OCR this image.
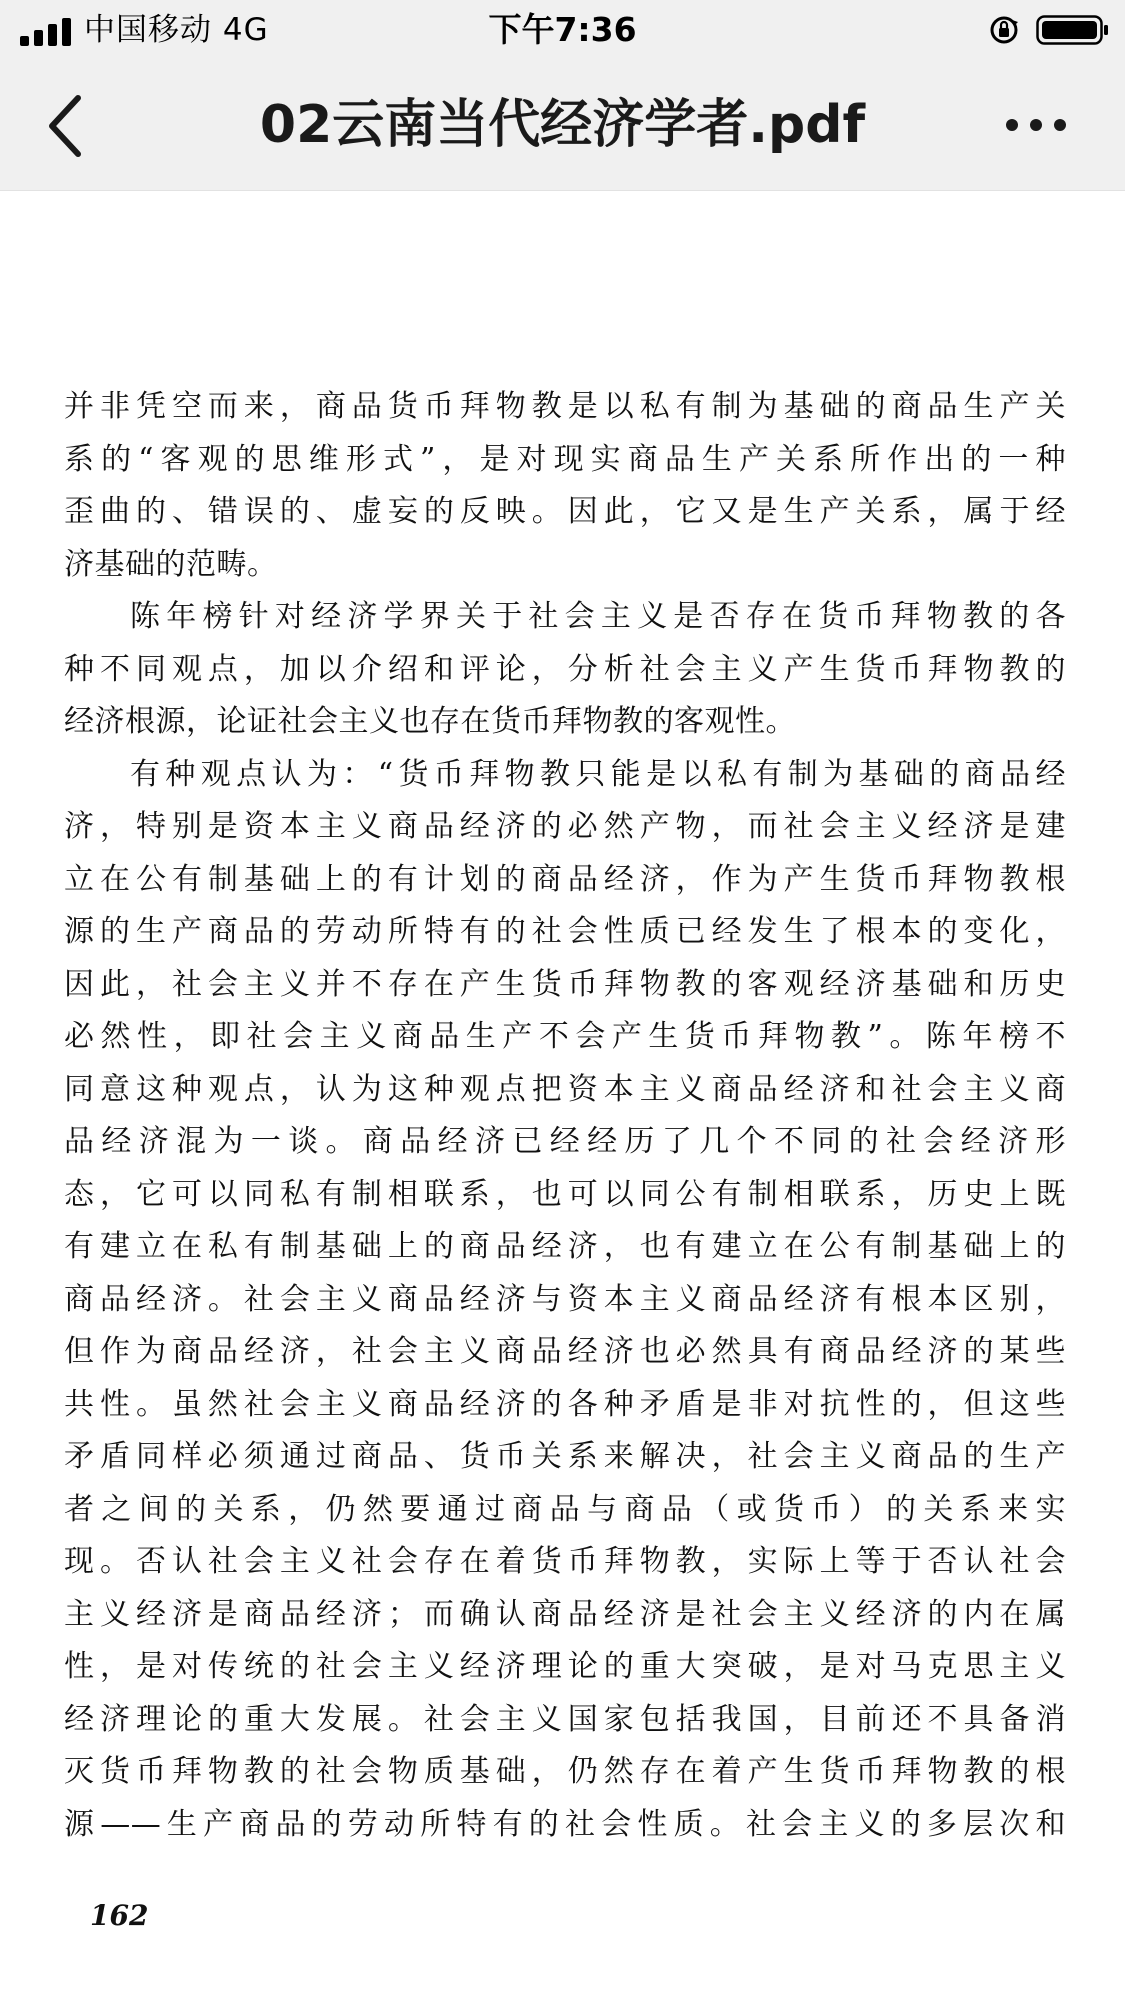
中国移动 4G	下午7:36
02云南当代经济学者.pdf
并非凭空而来，商品货币拜物教是以私有制为基础的商品生产关
系的“客观的思维形式”，是对现实商品生产关系所作出的一种
歪曲的、错误的、虚妄的反映。因此，它又是生产关系，属于经
济基础的范畴。
陈年榜针对经济学界关于社会主义是否存在货币拜物教的各
种不同观点，加以介绍和评论，分析社会主义产生货币拜物教的
经济根源，论证社会主义也存在货币拜物教的客观性。
有种观点认为：“货币拜物教只能是以私有制为基础的商品经
济，特别是资本主义商品经济的必然产物，而社会主义经济是建
立在公有制基础上的有计划的商品经济，作为产生货币拜物教根
源的生产商品的劳动所特有的社会性质已经发生了根本的变化，
因此，社会主义并不存在产生货币拜物教的客观经济基础和历史
必然性，即社会主义商品生产不会产生货币拜物教”。陈年榜不
同意这种观点，认为这种观点把资本主义商品经济和社会主义商
品经济混为一谈。商品经济已经经历了几个不同的社会经济形
态，它可以同私有制相联系，也可以同公有制相联系，历史上既
有建立在私有制基础上的商品经济，也有建立在公有制基础上的
商品经济。社会主义商品经济与资本主义商品经济有根本区别，
但作为商品经济，社会主义商品经济也必然具有商品经济的某些
共性。虽然社会主义商品经济的各种矛盾是非对抗性的，但这些
矛盾同样必须通过商品、货币关系来解决，社会主义商品的生产
者之间的关系，仍然要通过商品与商品（或货币）的关系来实
现。否认社会主义社会存在着货币拜物教，实际上等于否认社会
主义经济是商品经济；而确认商品经济是社会主义经济的内在属
性，是对传统的社会主义经济理论的重大突破，是对马克思主义
经济理论的重大发展。社会主义国家包括我国，目前还不具备消
灭货币拜物教的社会物质基础，仍然存在着产生货币拜物教的根
源——生产商品的劳动所特有的社会性质。社会主义的多层次和
162
